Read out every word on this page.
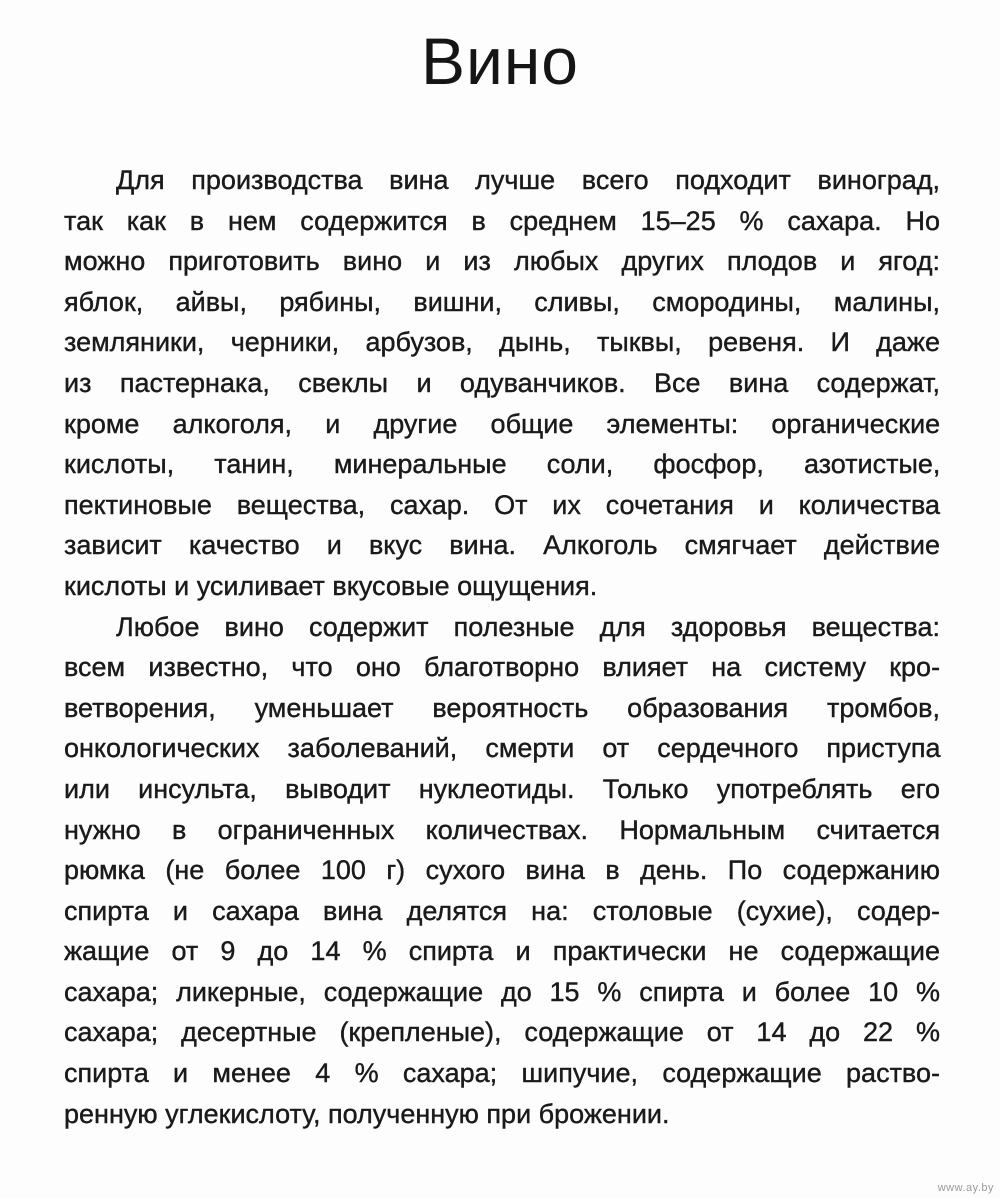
Вино
Для производства вина лучше всего подходит виноград,
так как в нем содержится в среднем 15–25 % сахара. Но
можно приготовить вино и из любых других плодов и ягод:
яблок, айвы, рябины, вишни, сливы, смородины, малины,
земляники, черники, арбузов, дынь, тыквы, ревеня. И даже
из пастернака, свеклы и одуванчиков. Все вина содержат,
кроме алкоголя, и другие общие элементы: органические
кислоты, танин, минеральные соли, фосфор, азотистые,
пектиновые вещества, сахар. От их сочетания и количества
зависит качество и вкус вина. Алкоголь смягчает действие
кислоты и усиливает вкусовые ощущения.
Любое вино содержит полезные для здоровья вещества:
всем известно, что оно благотворно влияет на систему кро-
ветворения, уменьшает вероятность образования тромбов,
онкологических заболеваний, смерти от сердечного приступа
или инсульта, выводит нуклеотиды. Только употреблять его
нужно в ограниченных количествах. Нормальным считается
рюмка (не более 100 г) сухого вина в день. По содержанию
спирта и сахара вина делятся на: столовые (сухие), содер-
жащие от 9 до 14 % спирта и практически не содержащие
сахара; ликерные, содержащие до 15 % спирта и более 10 %
сахара; десертные (крепленые), содержащие от 14 до 22 %
спирта и менее 4 % сахара; шипучие, содержащие раство-
ренную углекислоту, полученную при брожении.
www.ay.by
